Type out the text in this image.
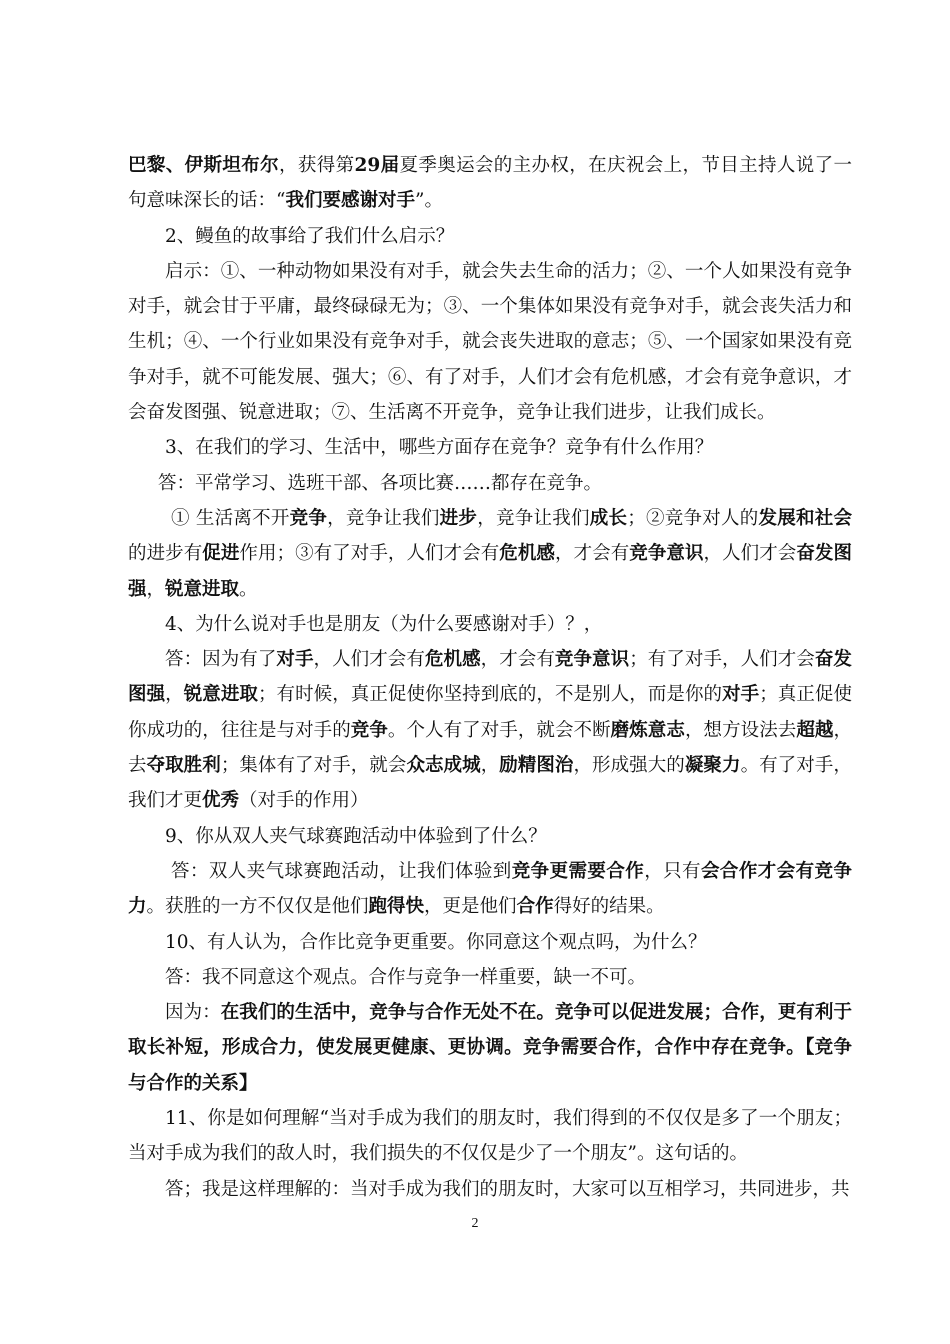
巴黎、伊斯坦布尔，获得第29届夏季奥运会的主办权，在庆祝会上，节目主持人说了一句意味深长的话：“我们要感谢对手”。

2、鳗鱼的故事给了我们什么启示？

启示：①、一种动物如果没有对手，就会失去生命的活力；②、一个人如果没有竞争对手，就会甘于平庸，最终碌碌无为；③、一个集体如果没有竞争对手，就会丧失活力和生机；④、一个行业如果没有竞争对手，就会丧失进取的意志；⑤、一个国家如果没有竞争对手，就不可能发展、强大；⑥、有了对手，人们才会有危机感，才会有竞争意识，才会奋发图强、锐意进取；⑦、生活离不开竞争，竞争让我们进步，让我们成长。

3、在我们的学习、生活中，哪些方面存在竞争？竞争有什么作用？

答：平常学习、选班干部、各项比赛……都存在竞争。

① 生活离不开竞争，竞争让我们进步，竞争让我们成长；②竞争对人的发展和社会的进步有促进作用；③有了对手，人们才会有危机感，才会有竞争意识，人们才会奋发图强，锐意进取。

4、为什么说对手也是朋友（为什么要感谢对手）？，

答：因为有了对手，人们才会有危机感，才会有竞争意识；有了对手，人们才会奋发图强，锐意进取；有时候，真正促使你坚持到底的，不是别人，而是你的对手；真正促使你成功的，往往是与对手的竞争。个人有了对手，就会不断磨炼意志，想方设法去超越，去夺取胜利；集体有了对手，就会众志成城，励精图治，形成强大的凝聚力。有了对手，我们才更优秀（对手的作用）

9、你从双人夹气球赛跑活动中体验到了什么？

答：双人夹气球赛跑活动，让我们体验到竞争更需要合作，只有会合作才会有竞争力。获胜的一方不仅仅是他们跑得快，更是他们合作得好的结果。

10、有人认为，合作比竞争更重要。你同意这个观点吗，为什么？

答：我不同意这个观点。合作与竞争一样重要，缺一不可。

因为：在我们的生活中，竞争与合作无处不在。竞争可以促进发展；合作，更有利于取长补短，形成合力，使发展更健康、更协调。竞争需要合作，合作中存在竞争。【竞争与合作的关系】

11、你是如何理解“当对手成为我们的朋友时，我们得到的不仅仅是多了一个朋友；当对手成为我们的敌人时，我们损失的不仅仅是少了一个朋友”。这句话的。

答；我是这样理解的：当对手成为我们的朋友时，大家可以互相学习，共同进步，共

2
